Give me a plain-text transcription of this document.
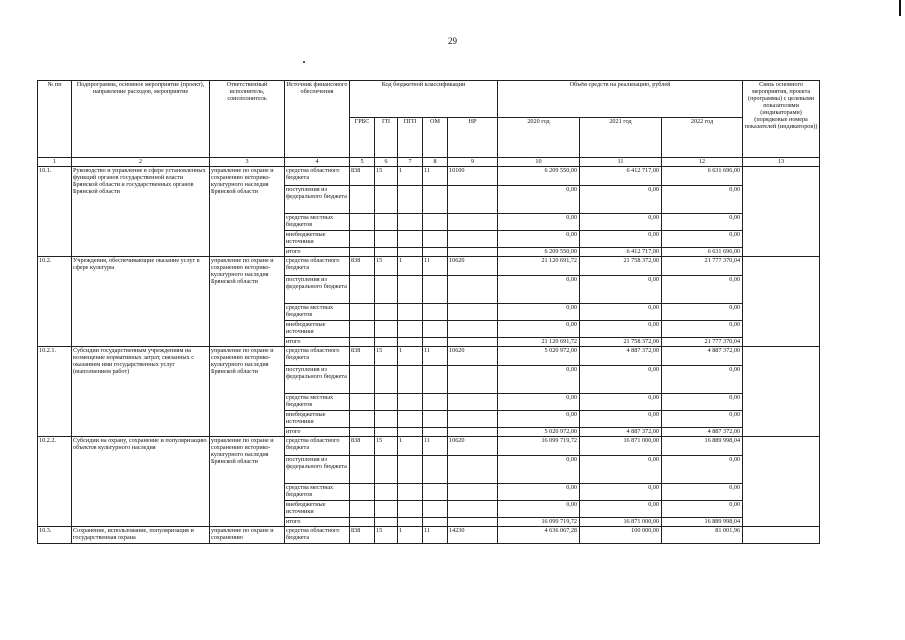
29
№ пп	Подпрограмма, основное мероприятие (проект), направление расходов, мероприятие	Ответственный исполнитель, соисполнитель	Источник финансового обеспечения	Код бюджетной классификации					Объём средств на реализацию, рублей			Связь основного мероприятия, проекта (программы) с целевыми показателями (индикаторами) (порядковые номера показателей (индикаторов))
				ГРБС	ГП	ПГП	ОМ	НР	2020 год	2021 год	2022 год	
1	2	3	4	5	6	7	8	9	10	11	12	13
10.1.	Руководство и управление в сфере установленных функций органов государственной власти Брянской области и государственных органов Брянской области	управление по охране и сохранению историко-культурного наследия Брянской области	средства областного бюджета	838	15	1	11	10100	6 209 550,00	6 412 717,00	6 631 696,00	
			поступления из федерального бюджета						0,00	0,00	0,00	
			средства местных бюджетов						0,00	0,00	0,00	
			внебюджетные источники						0,00	0,00	0,00	
			итого						6 209 550,00	6 412 717,00	6 631 696,00	
10.2.	Учреждения, обеспечивающие оказание услуг в сфере культуры	управление по охране и сохранению историко-культурного наследия Брянской области	средства областного бюджета	838	15	1	11	10620	21 120 691,72	21 758 372,00	21 777 370,04	
			поступления из федерального бюджета						0,00	0,00	0,00	
			средства местных бюджетов						0,00	0,00	0,00	
			внебюджетные источники						0,00	0,00	0,00	
			итого						21 120 691,72	21 758 372,00	21 777 370,04	
10.2.1.	Субсидии государственным учреждениям на возмещение нормативных затрат, связанных с оказанием ими государственных услуг (выполнением работ)	управление по охране и сохранению историко-культурного наследия Брянской области	средства областного бюджета	838	15	1	11	10620	5 020 972,00	4 887 372,00	4 887 372,00	
			поступления из федерального бюджета						0,00	0,00	0,00	
			средства местных бюджетов						0,00	0,00	0,00	
			внебюджетные источники						0,00	0,00	0,00	
			итого						5 020 972,00	4 887 372,00	4 887 372,00	
10.2.2.	Субсидии на охрану, сохранение и популяризацию объектов культурного наследия	управление по охране и сохранению историко-культурного наследия Брянской области	средства областного бюджета	838	15	1	11	10620	16 099 719,72	16 871 000,00	16 889 998,04	
			поступления из федерального бюджета						0,00	0,00	0,00	
			средства местных бюджетов						0,00	0,00	0,00	
			внебюджетные источники						0,00	0,00	0,00	
			итого						16 099 719,72	16 871 000,00	16 889 998,04	
10.3.	Сохранение, использование, популяризация и государственная охрана	управление по охране и сохранению	средства областного бюджета	838	15	1	11	14230	4 636 067,28	100 000,00	81 001,96	
